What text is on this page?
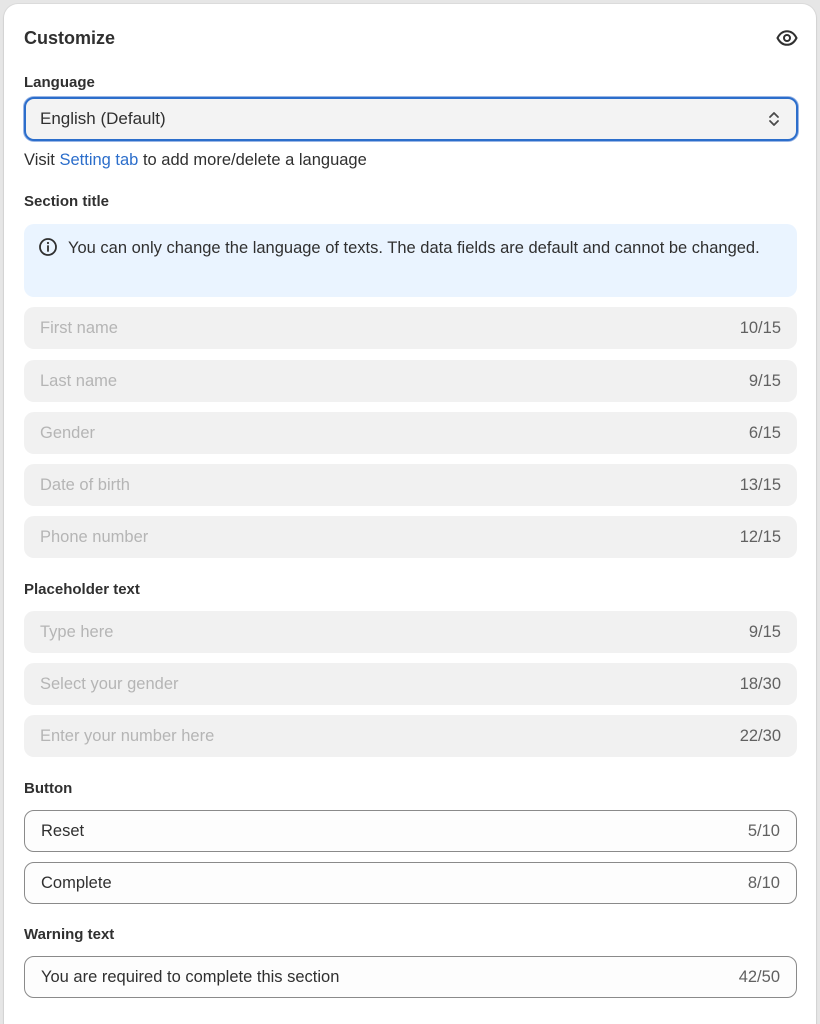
Customize
Language
English (Default)
Visit Setting tab to add more/delete a language
Section title
You can only change the language of texts. The data fields are default and cannot be changed.
First name	10/15
Last name	9/15
Gender	6/15
Date of birth	13/15
Phone number	12/15
Placeholder text
Type here	9/15
Select your gender	18/30
Enter your number here	22/30
Button
Reset	5/10
Complete	8/10
Warning text
You are required to complete this section	42/50
